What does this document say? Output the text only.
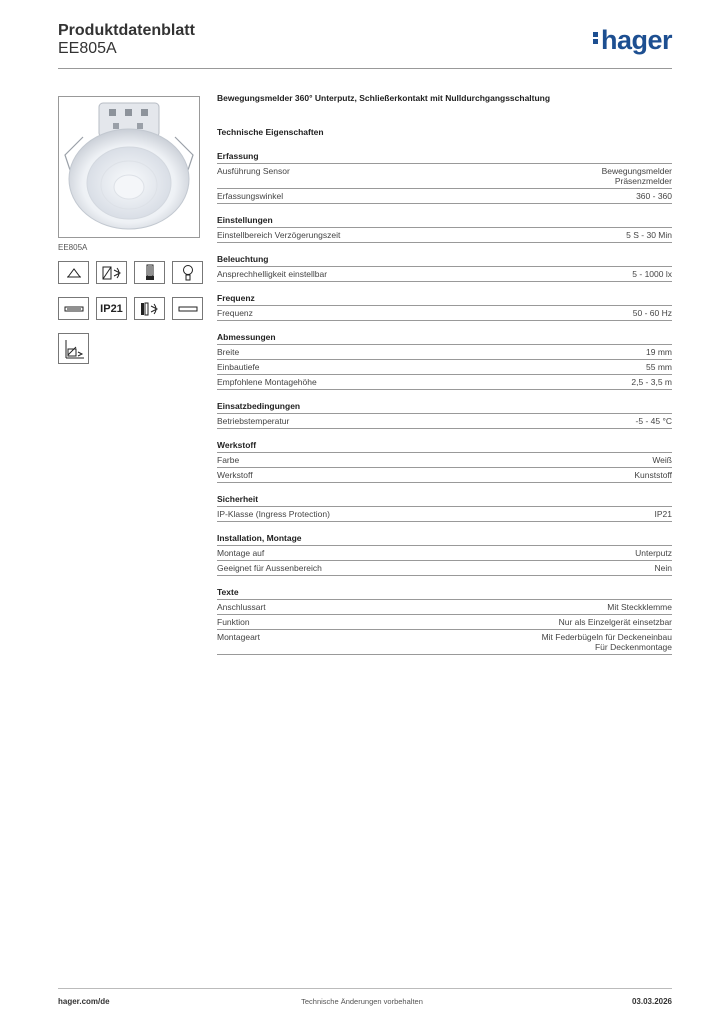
Produktdatenblatt
EE805A	hager
EE805A
IP21
Bewegungsmelder 360° Unterputz, Schließerkontakt mit Nulldurchgangsschaltung
Technische Eigenschaften
Erfassung
Ausführung Sensor	Bewegungsmelder
Präsenzmelder
Erfassungswinkel	360 - 360
Einstellungen
Einstellbereich Verzögerungszeit	5 S - 30 Min
Beleuchtung
Ansprechhelligkeit einstellbar	5 - 1000 lx
Frequenz
Frequenz	50 - 60 Hz
Abmessungen
Breite	19 mm
Einbautiefe	55 mm
Empfohlene Montagehöhe	2,5 - 3,5 m
Einsatzbedingungen
Betriebstemperatur	-5 - 45 °C
Werkstoff
Farbe	Weiß
Werkstoff	Kunststoff
Sicherheit
IP-Klasse (Ingress Protection)	IP21
Installation, Montage
Montage auf	Unterputz
Geeignet für Aussenbereich	Nein
Texte
Anschlussart	Mit Steckklemme
Funktion	Nur als Einzelgerät einsetzbar
Montageart	Mit Federbügeln für Deckeneinbau
Für Deckenmontage
hager.com/de	Technische Änderungen vorbehalten	03.03.2026
